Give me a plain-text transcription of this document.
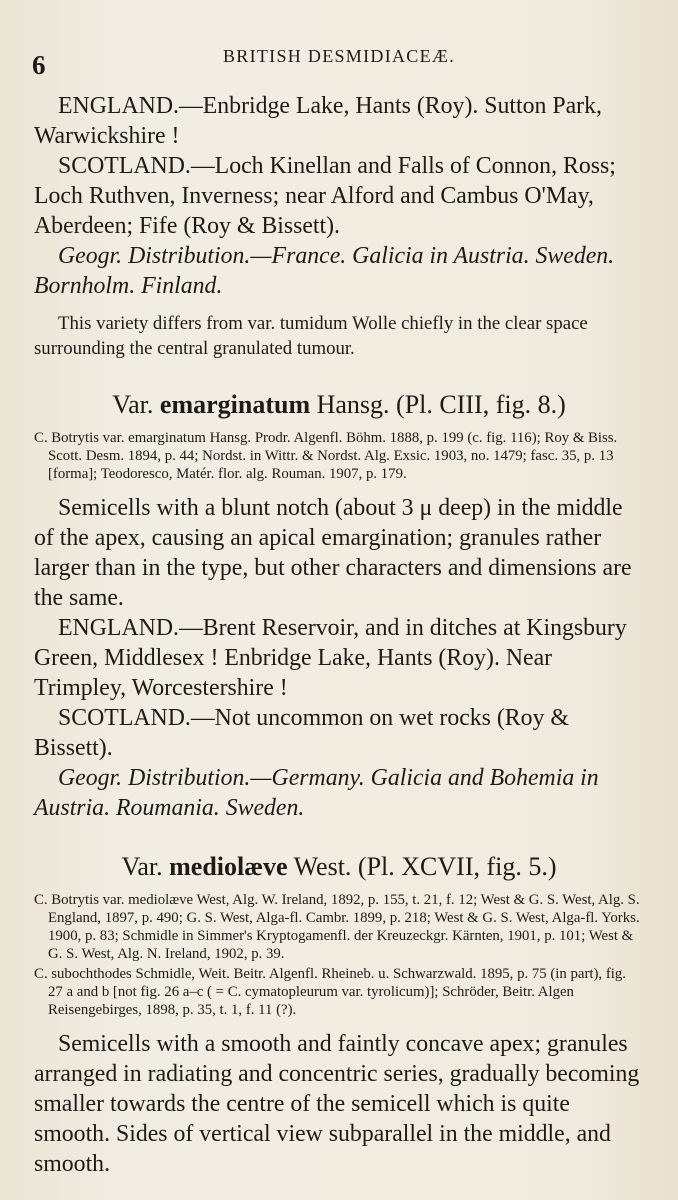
6	BRITISH DESMIDIACEÆ.

ENGLAND.—Enbridge Lake, Hants (Roy). Sutton Park, Warwickshire !

SCOTLAND.—Loch Kinellan and Falls of Connon, Ross; Loch Ruthven, Inverness; near Alford and Cambus O'May, Aberdeen; Fife (Roy & Bissett).

Geogr. Distribution.—France. Galicia in Austria. Sweden. Bornholm. Finland.

This variety differs from var. tumidum Wolle chiefly in the clear space surrounding the central granulated tumour.

Var. emarginatum Hansg. (Pl. CIII, fig. 8.)
C. Botrytis var. emarginatum Hansg. Prodr. Algenfl. Böhm. 1888, p. 199 (c. fig. 116); Roy & Biss. Scott. Desm. 1894, p. 44; Nordst. in Wittr. & Nordst. Alg. Exsic. 1903, no. 1479; fasc. 35, p. 13 [forma]; Teodoresco, Matér. flor. alg. Rouman. 1907, p. 179.

Semicells with a blunt notch (about 3 μ deep) in the middle of the apex, causing an apical emargination; granules rather larger than in the type, but other characters and dimensions are the same.

ENGLAND.—Brent Reservoir, and in ditches at Kingsbury Green, Middlesex ! Enbridge Lake, Hants (Roy). Near Trimpley, Worcestershire !

SCOTLAND.—Not uncommon on wet rocks (Roy & Bissett).

Geogr. Distribution.—Germany. Galicia and Bohemia in Austria. Roumania. Sweden.

Var. mediolæve West. (Pl. XCVII, fig. 5.)
C. Botrytis var. mediolæve West, Alg. W. Ireland, 1892, p. 155, t. 21, f. 12; West & G. S. West, Alg. S. England, 1897, p. 490; G. S. West, Alga-fl. Cambr. 1899, p. 218; West & G. S. West, Alga-fl. Yorks. 1900, p. 83; Schmidle in Simmer's Kryptogamenfl. der Kreuzeckgr. Kärnten, 1901, p. 101; West & G. S. West, Alg. N. Ireland, 1902, p. 39.
C. subochthodes Schmidle, Weit. Beitr. Algenfl. Rheineb. u. Schwarzwald. 1895, p. 75 (in part), fig. 27 a and b [not fig. 26 a–c ( = C. cymatopleurum var. tyrolicum)]; Schröder, Beitr. Algen Reisengebirges, 1898, p. 35, t. 1, f. 11 (?).

Semicells with a smooth and faintly concave apex; granules arranged in radiating and concentric series, gradually becoming smaller towards the centre of the semicell which is quite smooth. Sides of vertical view subparallel in the middle, and smooth.
